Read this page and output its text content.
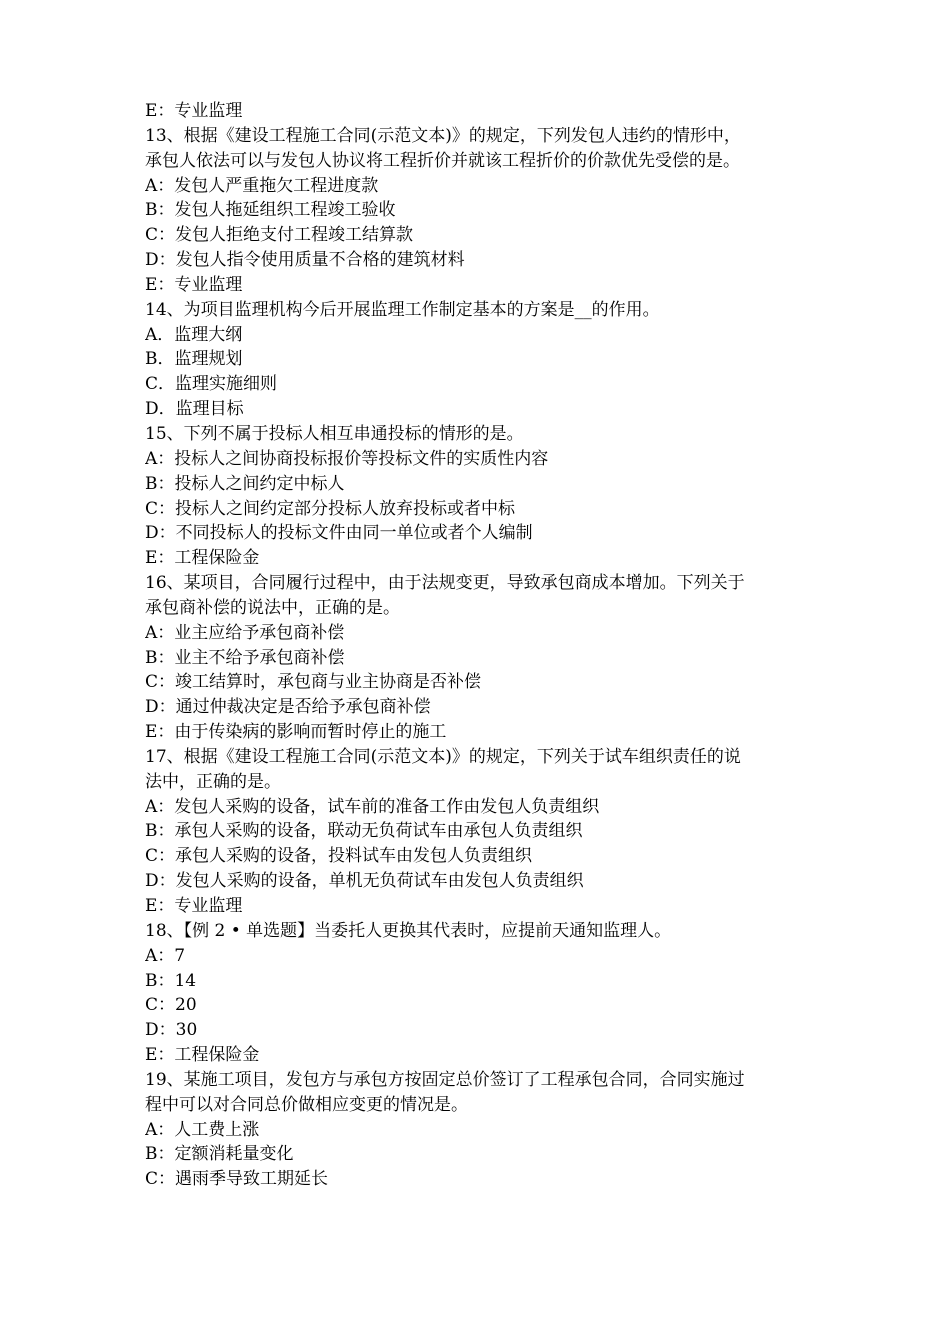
E：专业监理
13、根据《建设工程施工合同(示范文本)》的规定，下列发包人违约的情形中，
承包人依法可以与发包人协议将工程折价并就该工程折价的价款优先受偿的是。
A：发包人严重拖欠工程进度款
B：发包人拖延组织工程竣工验收
C：发包人拒绝支付工程竣工结算款
D：发包人指令使用质量不合格的建筑材料
E：专业监理
14、为项目监理机构今后开展监理工作制定基本的方案是__的作用。
A．监理大纲
B．监理规划
C．监理实施细则
D．监理目标
15、下列不属于投标人相互串通投标的情形的是。
A：投标人之间协商投标报价等投标文件的实质性内容
B：投标人之间约定中标人
C：投标人之间约定部分投标人放弃投标或者中标
D：不同投标人的投标文件由同一单位或者个人编制
E：工程保险金
16、某项目，合同履行过程中，由于法规变更，导致承包商成本增加。下列关于
承包商补偿的说法中，正确的是。
A：业主应给予承包商补偿
B：业主不给予承包商补偿
C：竣工结算时，承包商与业主协商是否补偿
D：通过仲裁决定是否给予承包商补偿
E：由于传染病的影响而暂时停止的施工
17、根据《建设工程施工合同(示范文本)》的规定，下列关于试车组织责任的说
法中，正确的是。
A：发包人采购的设备，试车前的准备工作由发包人负责组织
B：承包人采购的设备，联动无负荷试车由承包人负责组织
C：承包人采购的设备，投料试车由发包人负责组织
D：发包人采购的设备，单机无负荷试车由发包人负责组织
E：专业监理
18、【例 2 • 单选题】当委托人更换其代表时，应提前天通知监理人。
A：7
B：14
C：20
D：30
E：工程保险金
19、某施工项目，发包方与承包方按固定总价签订了工程承包合同，合同实施过
程中可以对合同总价做相应变更的情况是。
A：人工费上涨
B：定额消耗量变化
C：遇雨季导致工期延长
